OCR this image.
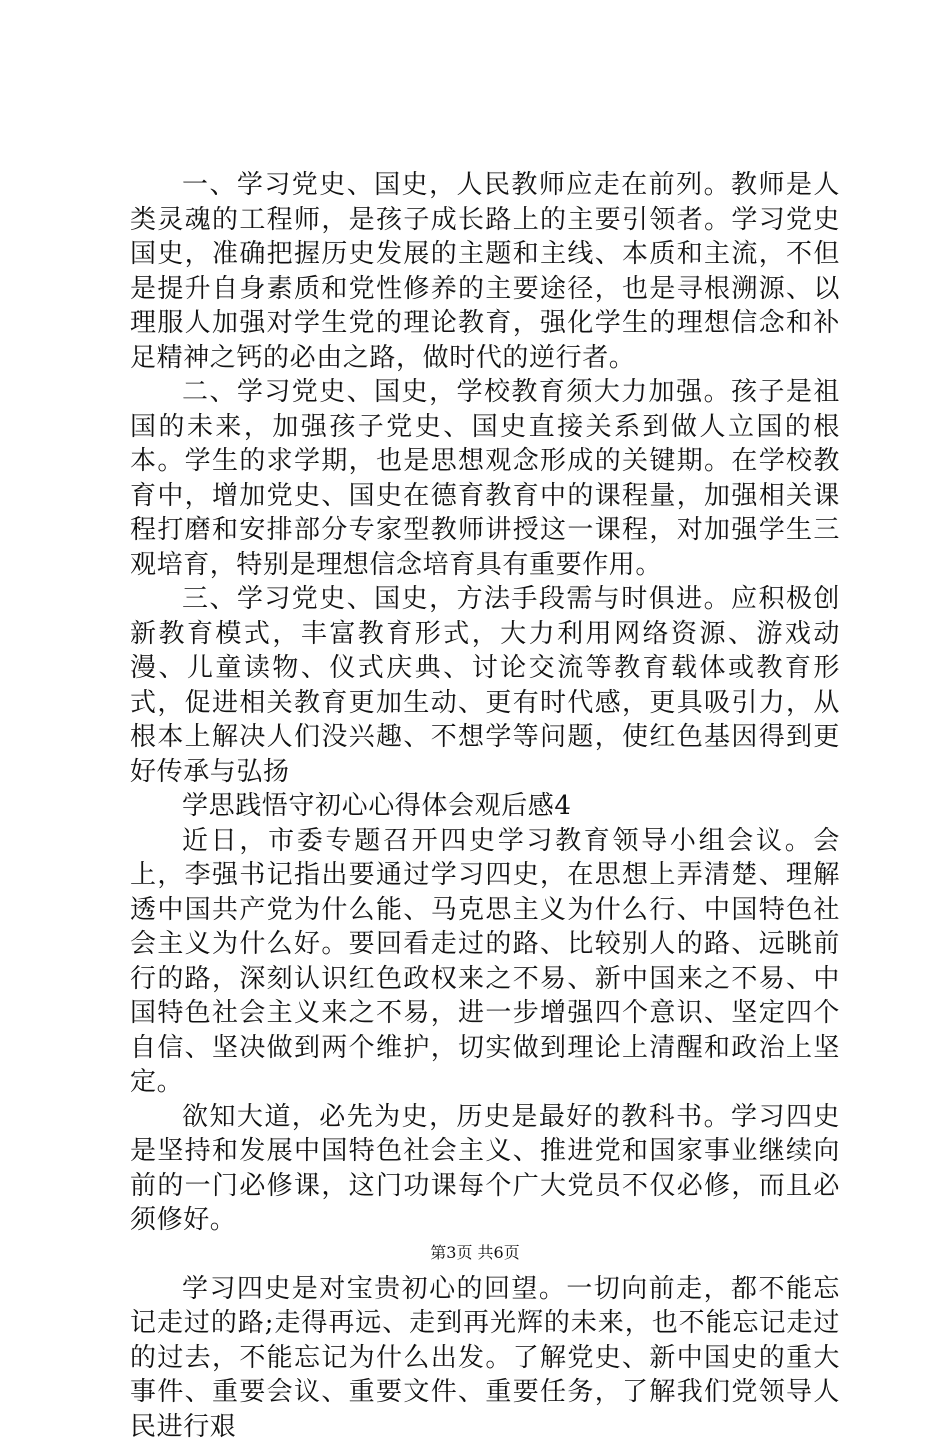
一、学习党史、国史，人民教师应走在前列。教师是人类灵魂的工程师，是孩子成长路上的主要引领者。学习党史国史，准确把握历史发展的主题和主线、本质和主流，不但是提升自身素质和党性修养的主要途径，也是寻根溯源、以理服人加强对学生党的理论教育，强化学生的理想信念和补足精神之钙的必由之路，做时代的逆行者。

二、学习党史、国史，学校教育须大力加强。孩子是祖国的未来，加强孩子党史、国史直接关系到做人立国的根本。学生的求学期，也是思想观念形成的关键期。在学校教育中，增加党史、国史在德育教育中的课程量，加强相关课程打磨和安排部分专家型教师讲授这一课程，对加强学生三观培育，特别是理想信念培育具有重要作用。

三、学习党史、国史，方法手段需与时俱进。应积极创新教育模式，丰富教育形式，大力利用网络资源、游戏动漫、儿童读物、仪式庆典、讨论交流等教育载体或教育形式，促进相关教育更加生动、更有时代感，更具吸引力，从根本上解决人们没兴趣、不想学等问题，使红色基因得到更好传承与弘扬

学思践悟守初心心得体会观后感4

近日，市委专题召开四史学习教育领导小组会议。会上，李强书记指出要通过学习四史，在思想上弄清楚、理解透中国共产党为什么能、马克思主义为什么行、中国特色社会主义为什么好。要回看走过的路、比较别人的路、远眺前行的路，深刻认识红色政权来之不易、新中国来之不易、中国特色社会主义来之不易，进一步增强四个意识、坚定四个自信、坚决做到两个维护，切实做到理论上清醒和政治上坚定。

欲知大道，必先为史，历史是最好的教科书。学习四史是坚持和发展中国特色社会主义、推进党和国家事业继续向前的一门必修课，这门功课每个广大党员不仅必修，而且必须修好。

学习四史是对宝贵初心的回望。一切向前走，都不能忘记走过的路;走得再远、走到再光辉的未来，也不能忘记走过的过去，不能忘记为什么出发。了解党史、新中国史的重大事件、重要会议、重要文件、重要任务，了解我们党领导人民进行艰

第3页 共6页
